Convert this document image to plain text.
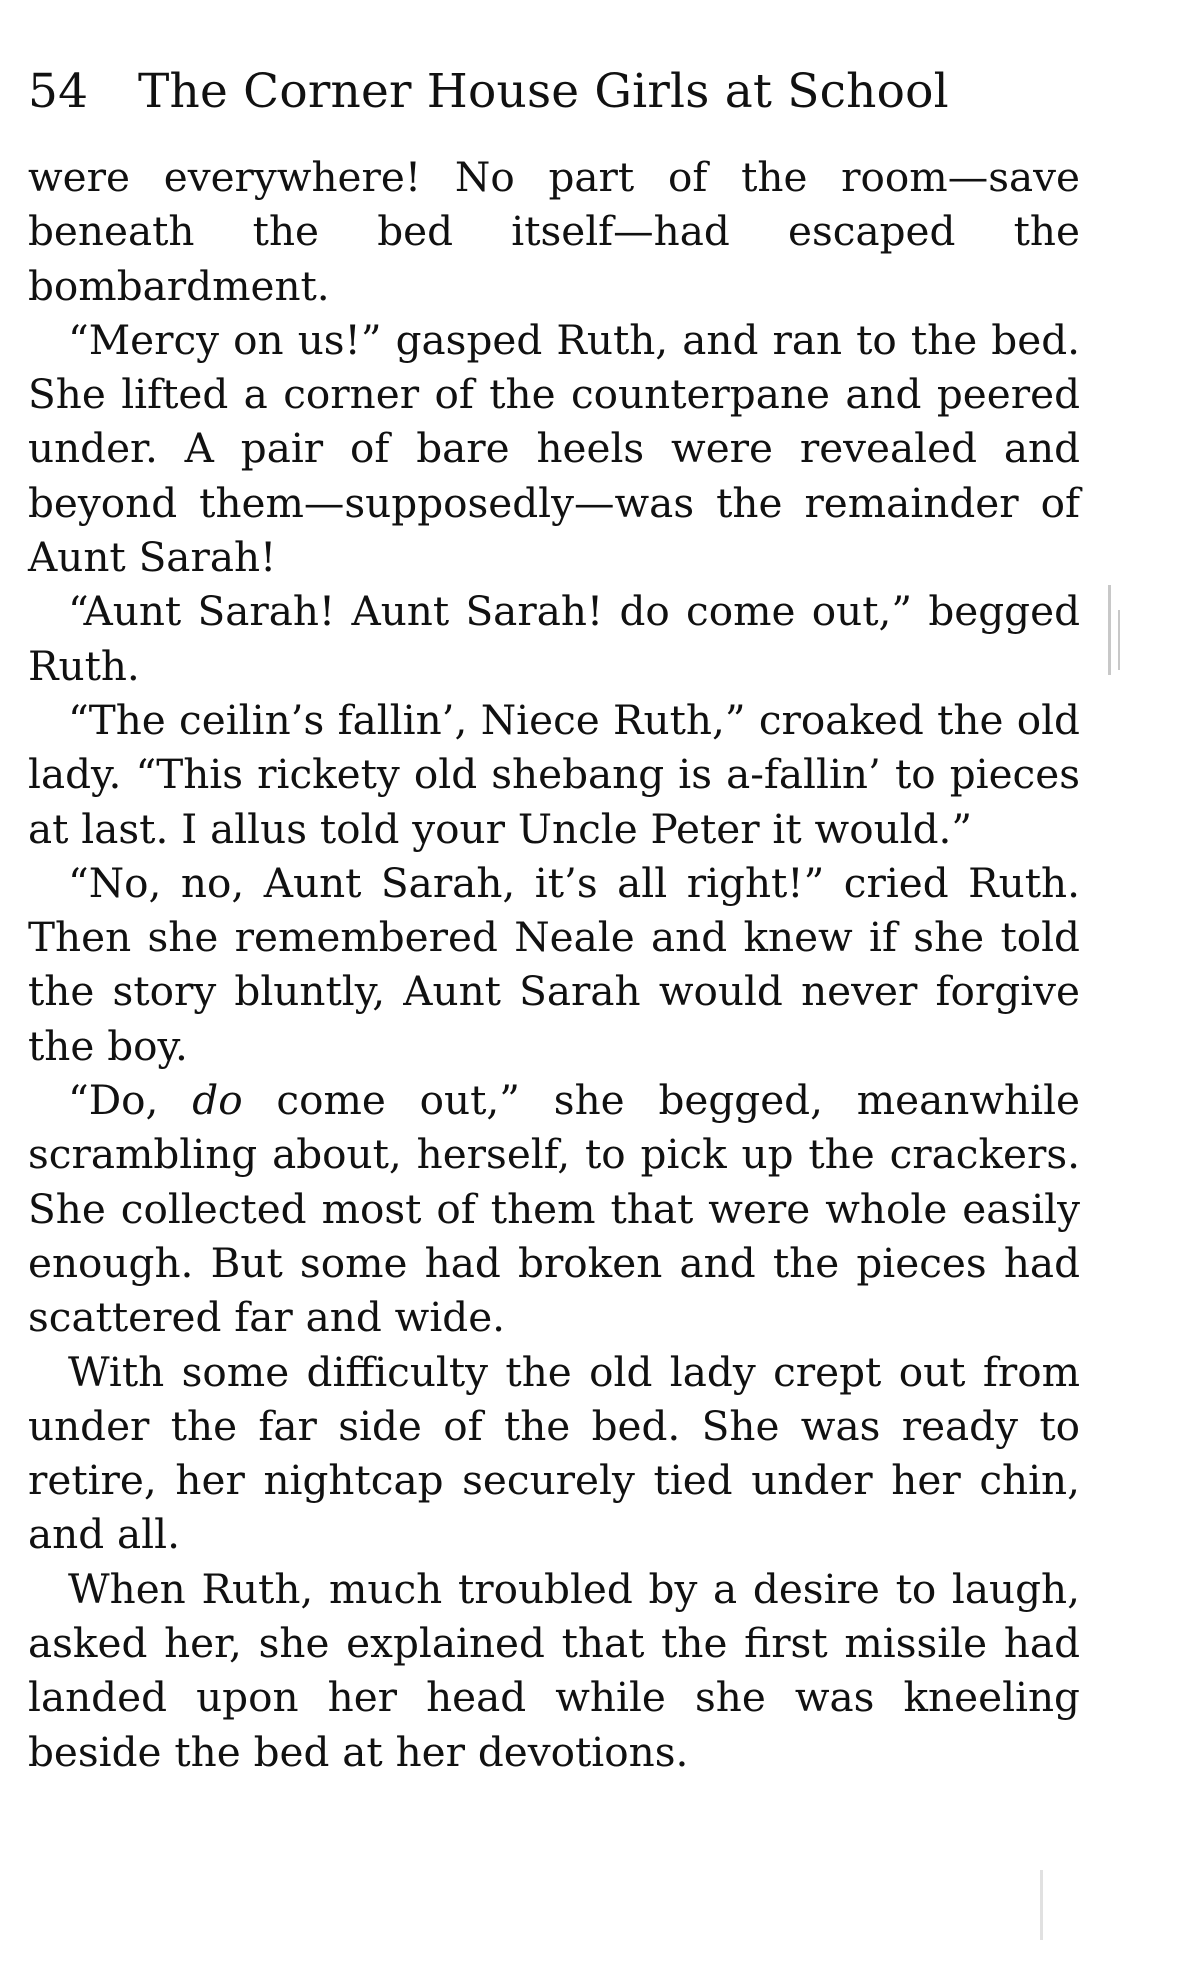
54 The Corner House Girls at School

were everywhere! No part of the room—save beneath the bed itself—had escaped the bombardment.

“Mercy on us!” gasped Ruth, and ran to the bed. She lifted a corner of the counterpane and peered under. A pair of bare heels were revealed and beyond them—supposedly—was the remainder of Aunt Sarah!

“Aunt Sarah! Aunt Sarah! do come out,” begged Ruth.

“The ceilin’s fallin’, Niece Ruth,” croaked the old lady. “This rickety old shebang is a-fallin’ to pieces at last. I allus told your Uncle Peter it would.”

“No, no, Aunt Sarah, it’s all right!” cried Ruth. Then she remembered Neale and knew if she told the story bluntly, Aunt Sarah would never forgive the boy.

“Do, do come out,” she begged, meanwhile scrambling about, herself, to pick up the crackers. She collected most of them that were whole easily enough. But some had broken and the pieces had scattered far and wide.

With some difficulty the old lady crept out from under the far side of the bed. She was ready to retire, her nightcap securely tied under her chin, and all.

When Ruth, much troubled by a desire to laugh, asked her, she explained that the first missile had landed upon her head while she was kneeling beside the bed at her devotions.
